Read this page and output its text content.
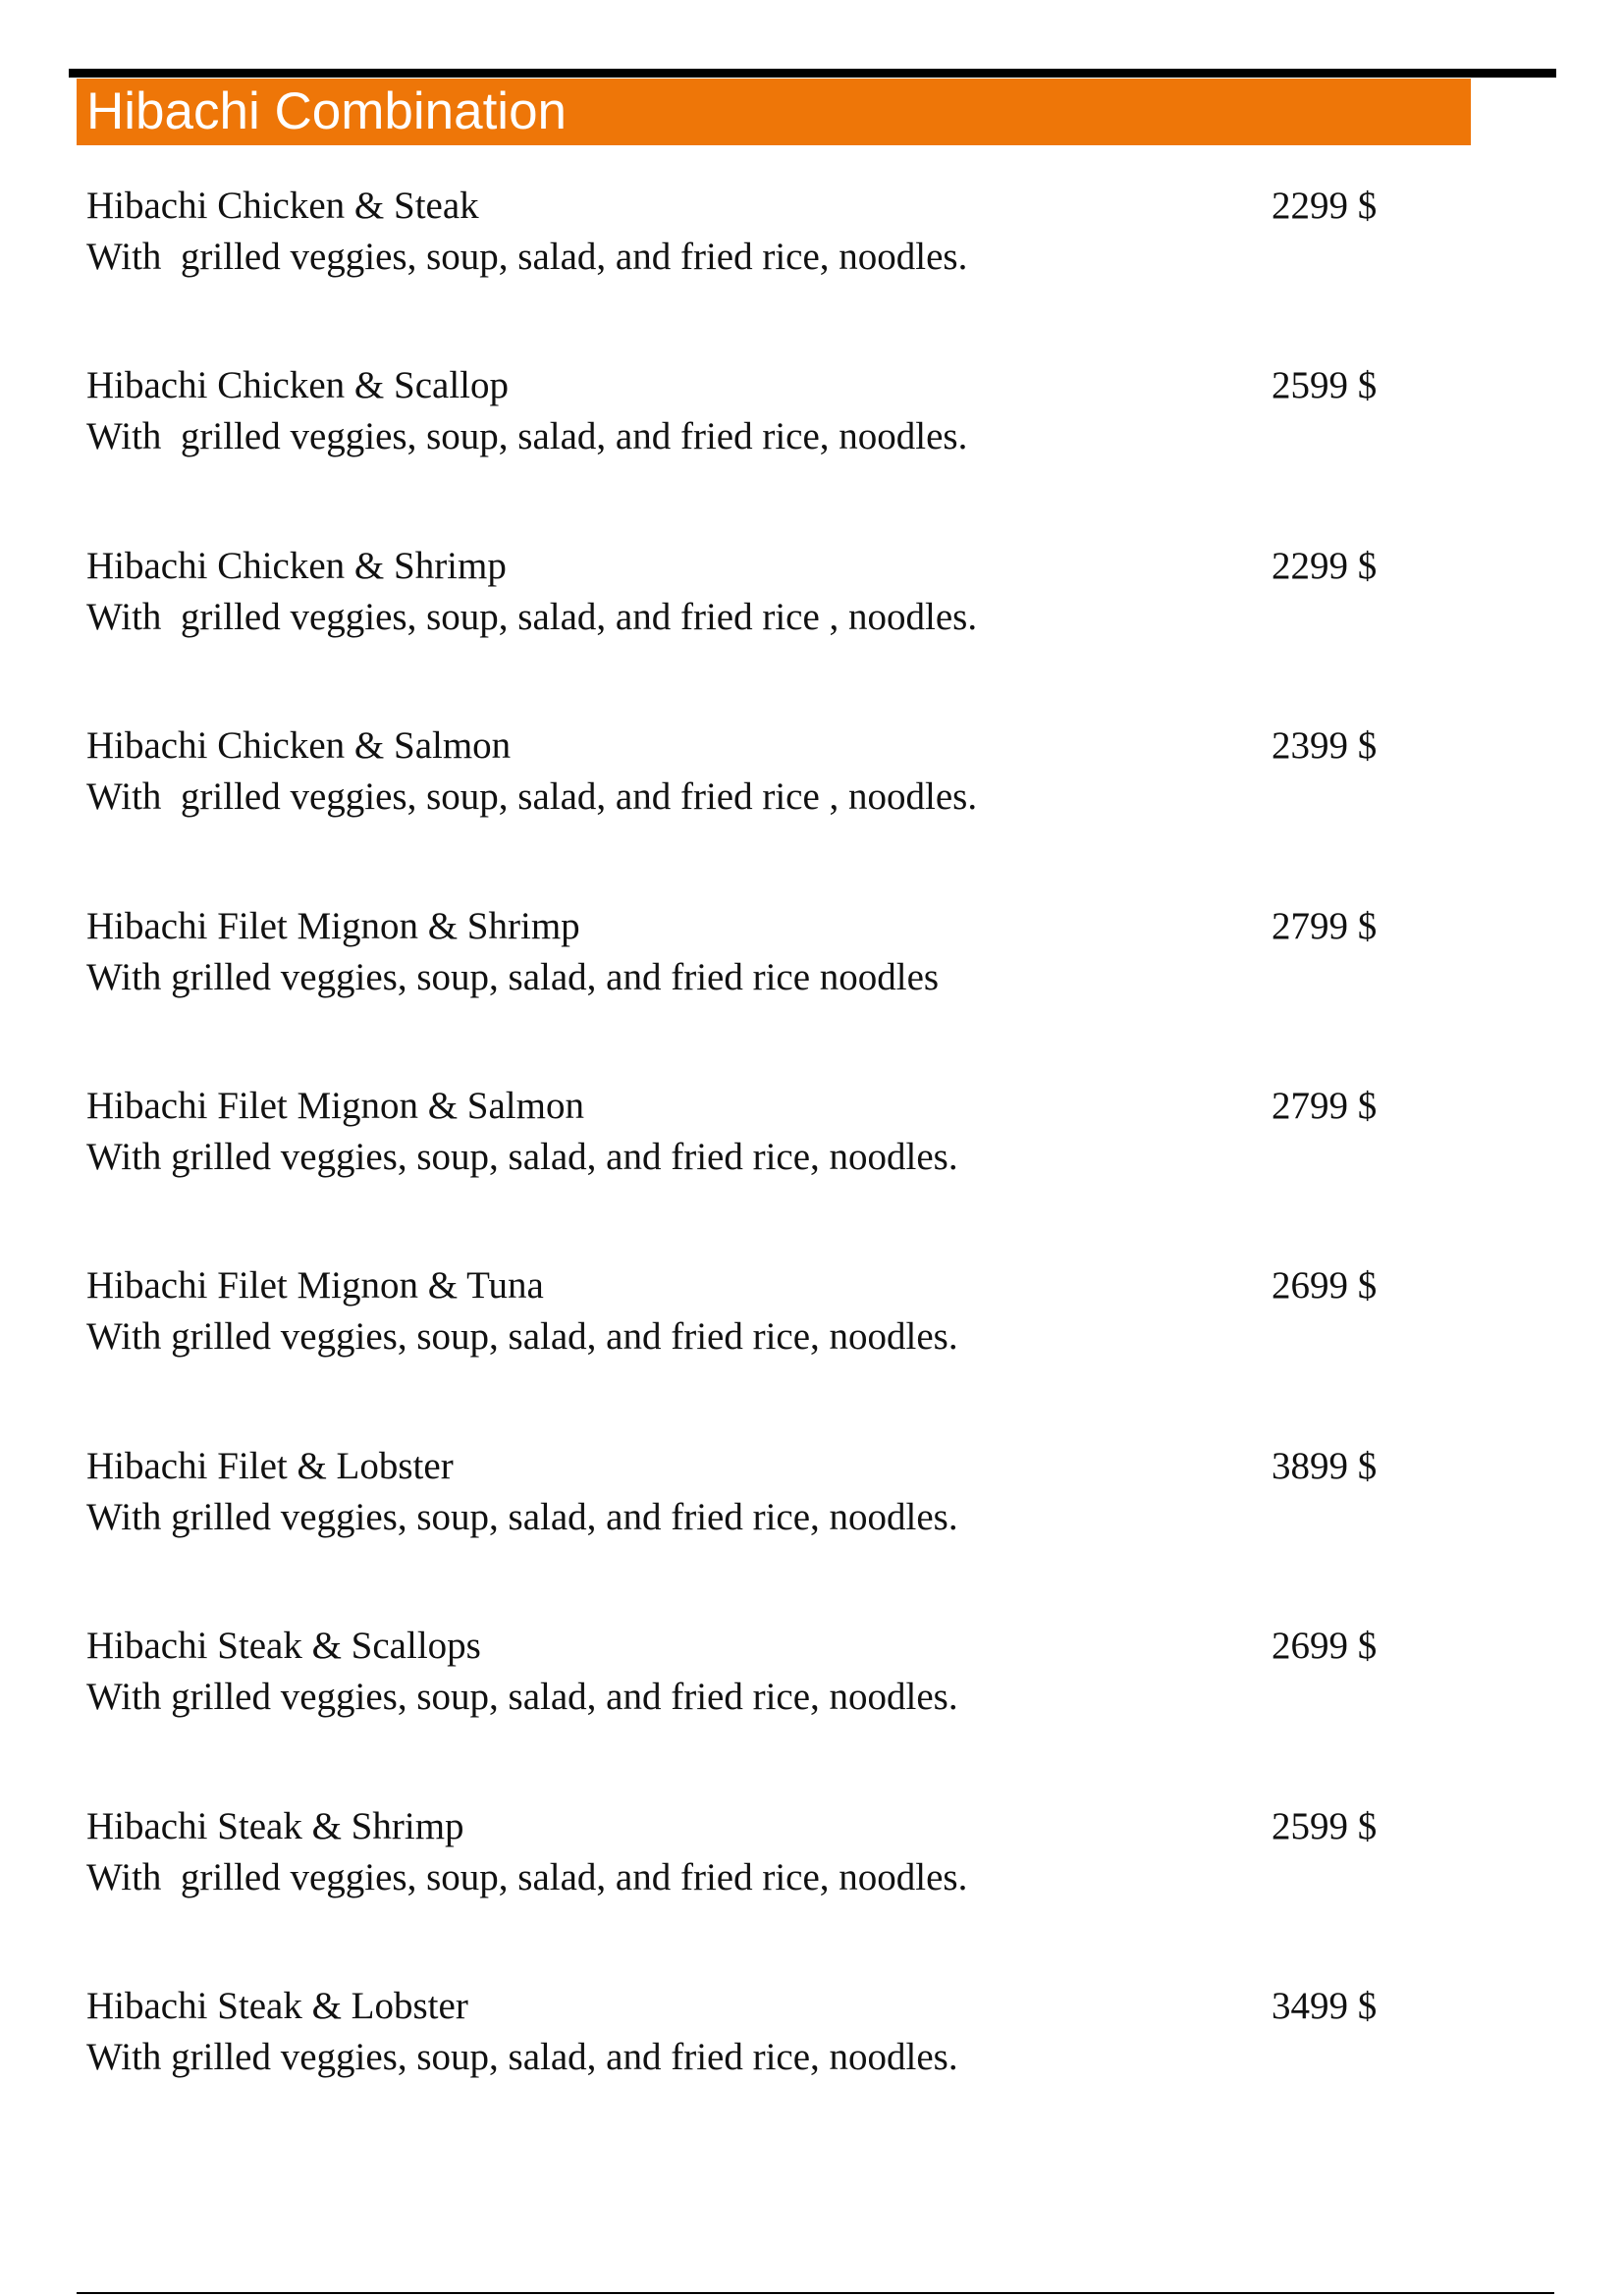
Hibachi Combination
Hibachi Chicken & Steak
With  grilled veggies, soup, salad, and fried rice, noodles.
2299 $
Hibachi Chicken & Scallop
With  grilled veggies, soup, salad, and fried rice, noodles.
2599 $
Hibachi Chicken & Shrimp
With  grilled veggies, soup, salad, and fried rice , noodles.
2299 $
Hibachi Chicken & Salmon
With  grilled veggies, soup, salad, and fried rice , noodles.
2399 $
Hibachi Filet Mignon & Shrimp
With grilled veggies, soup, salad, and fried rice noodles
2799 $
Hibachi Filet Mignon & Salmon
With grilled veggies, soup, salad, and fried rice, noodles.
2799 $
Hibachi Filet Mignon & Tuna
With grilled veggies, soup, salad, and fried rice, noodles.
2699 $
Hibachi Filet & Lobster
With grilled veggies, soup, salad, and fried rice, noodles.
3899 $
Hibachi Steak & Scallops
With grilled veggies, soup, salad, and fried rice, noodles.
2699 $
Hibachi Steak & Shrimp
With  grilled veggies, soup, salad, and fried rice, noodles.
2599 $
Hibachi Steak & Lobster
With grilled veggies, soup, salad, and fried rice, noodles.
3499 $
